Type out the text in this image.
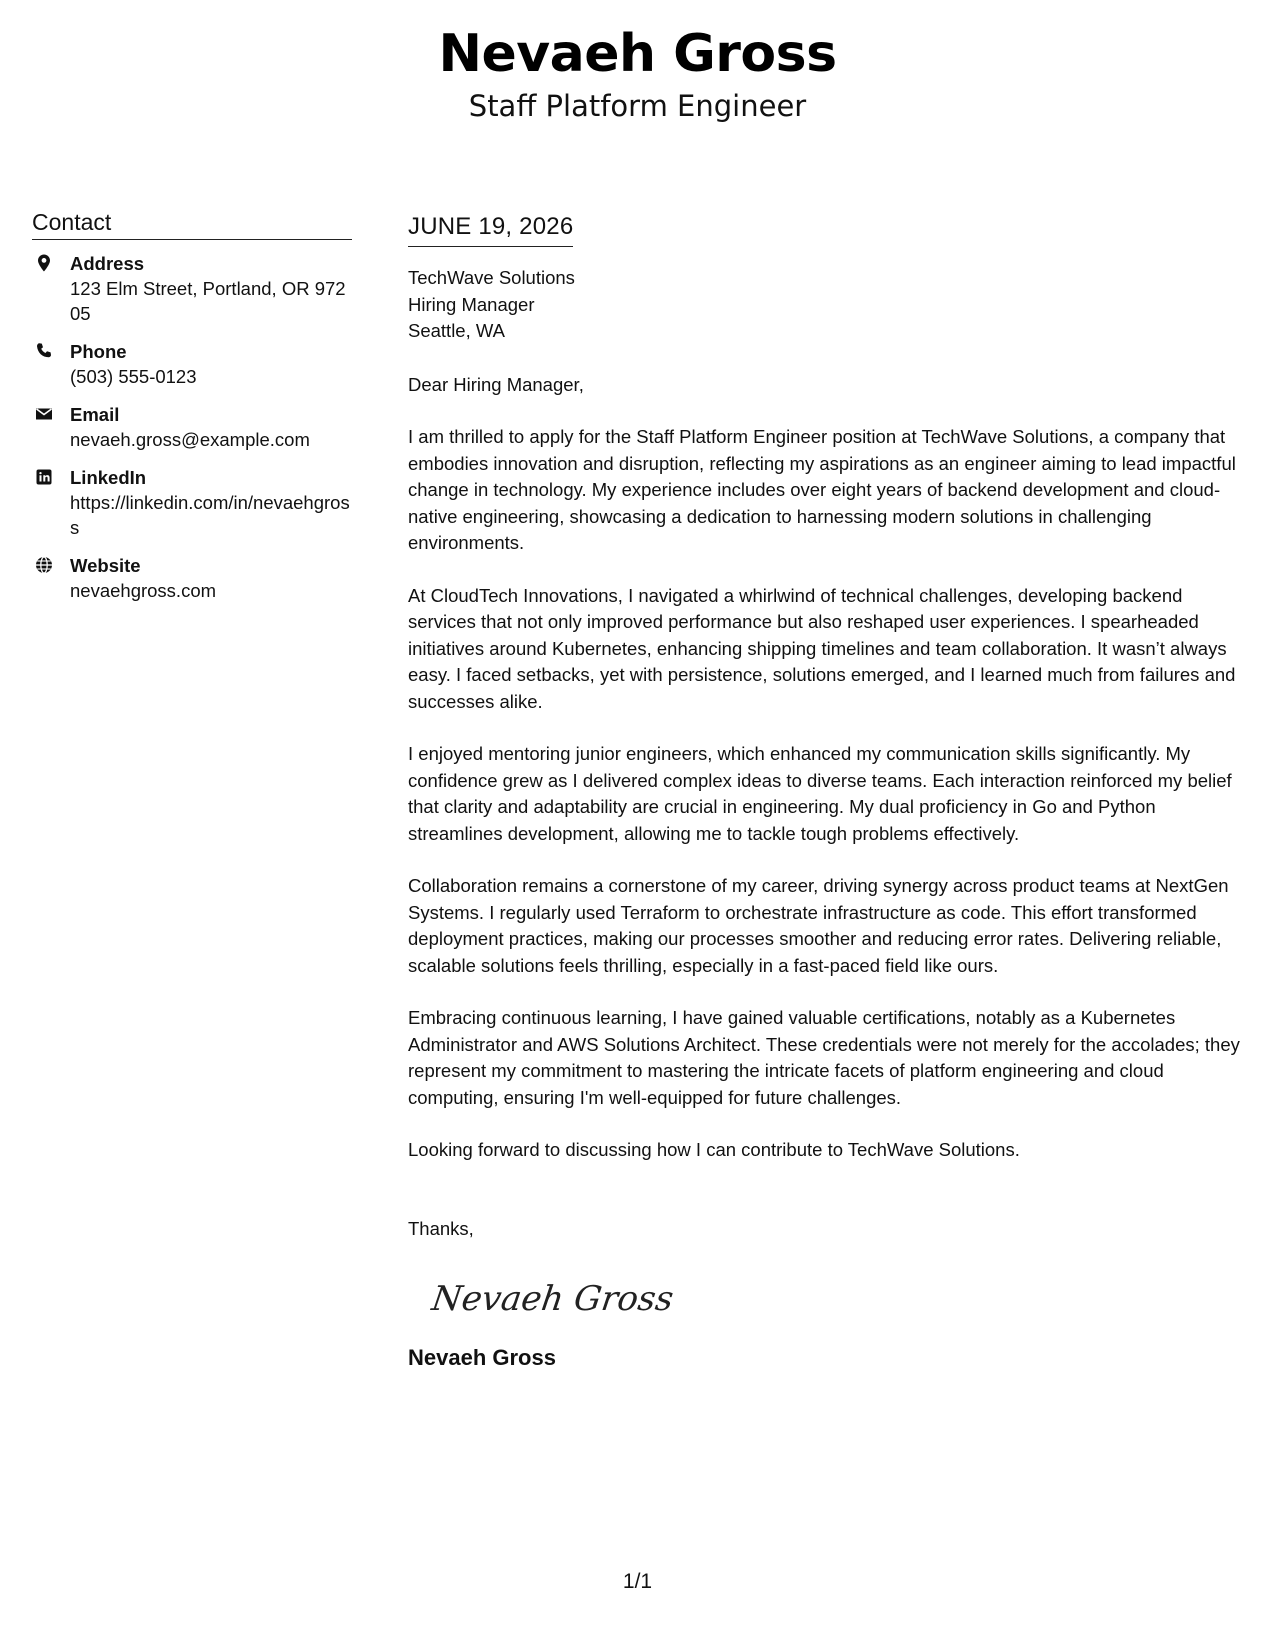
Nevaeh Gross
Staff Platform Engineer
Contact
Address
123 Elm Street, Portland, OR 97205
Phone
(503) 555-0123
Email
nevaeh.gross@example.com
LinkedIn
https://linkedin.com/in/nevaehgross
Website
nevaehgross.com
JUNE 19, 2026
TechWave Solutions
Hiring Manager
Seattle, WA
Dear Hiring Manager,
I am thrilled to apply for the Staff Platform Engineer position at TechWave Solutions, a company that embodies innovation and disruption, reflecting my aspirations as an engineer aiming to lead impactful change in technology. My experience includes over eight years of backend development and cloud-native engineering, showcasing a dedication to harnessing modern solutions in challenging environments.
At CloudTech Innovations, I navigated a whirlwind of technical challenges, developing backend services that not only improved performance but also reshaped user experiences. I spearheaded initiatives around Kubernetes, enhancing shipping timelines and team collaboration. It wasn’t always easy. I faced setbacks, yet with persistence, solutions emerged, and I learned much from failures and successes alike.
I enjoyed mentoring junior engineers, which enhanced my communication skills significantly. My confidence grew as I delivered complex ideas to diverse teams. Each interaction reinforced my belief that clarity and adaptability are crucial in engineering. My dual proficiency in Go and Python streamlines development, allowing me to tackle tough problems effectively.
Collaboration remains a cornerstone of my career, driving synergy across product teams at NextGen Systems. I regularly used Terraform to orchestrate infrastructure as code. This effort transformed deployment practices, making our processes smoother and reducing error rates. Delivering reliable, scalable solutions feels thrilling, especially in a fast-paced field like ours.
Embracing continuous learning, I have gained valuable certifications, notably as a Kubernetes Administrator and AWS Solutions Architect. These credentials were not merely for the accolades; they represent my commitment to mastering the intricate facets of platform engineering and cloud computing, ensuring I'm well-equipped for future challenges.
Looking forward to discussing how I can contribute to TechWave Solutions.
Thanks,
Nevaeh Gross
Nevaeh Gross
1/1
